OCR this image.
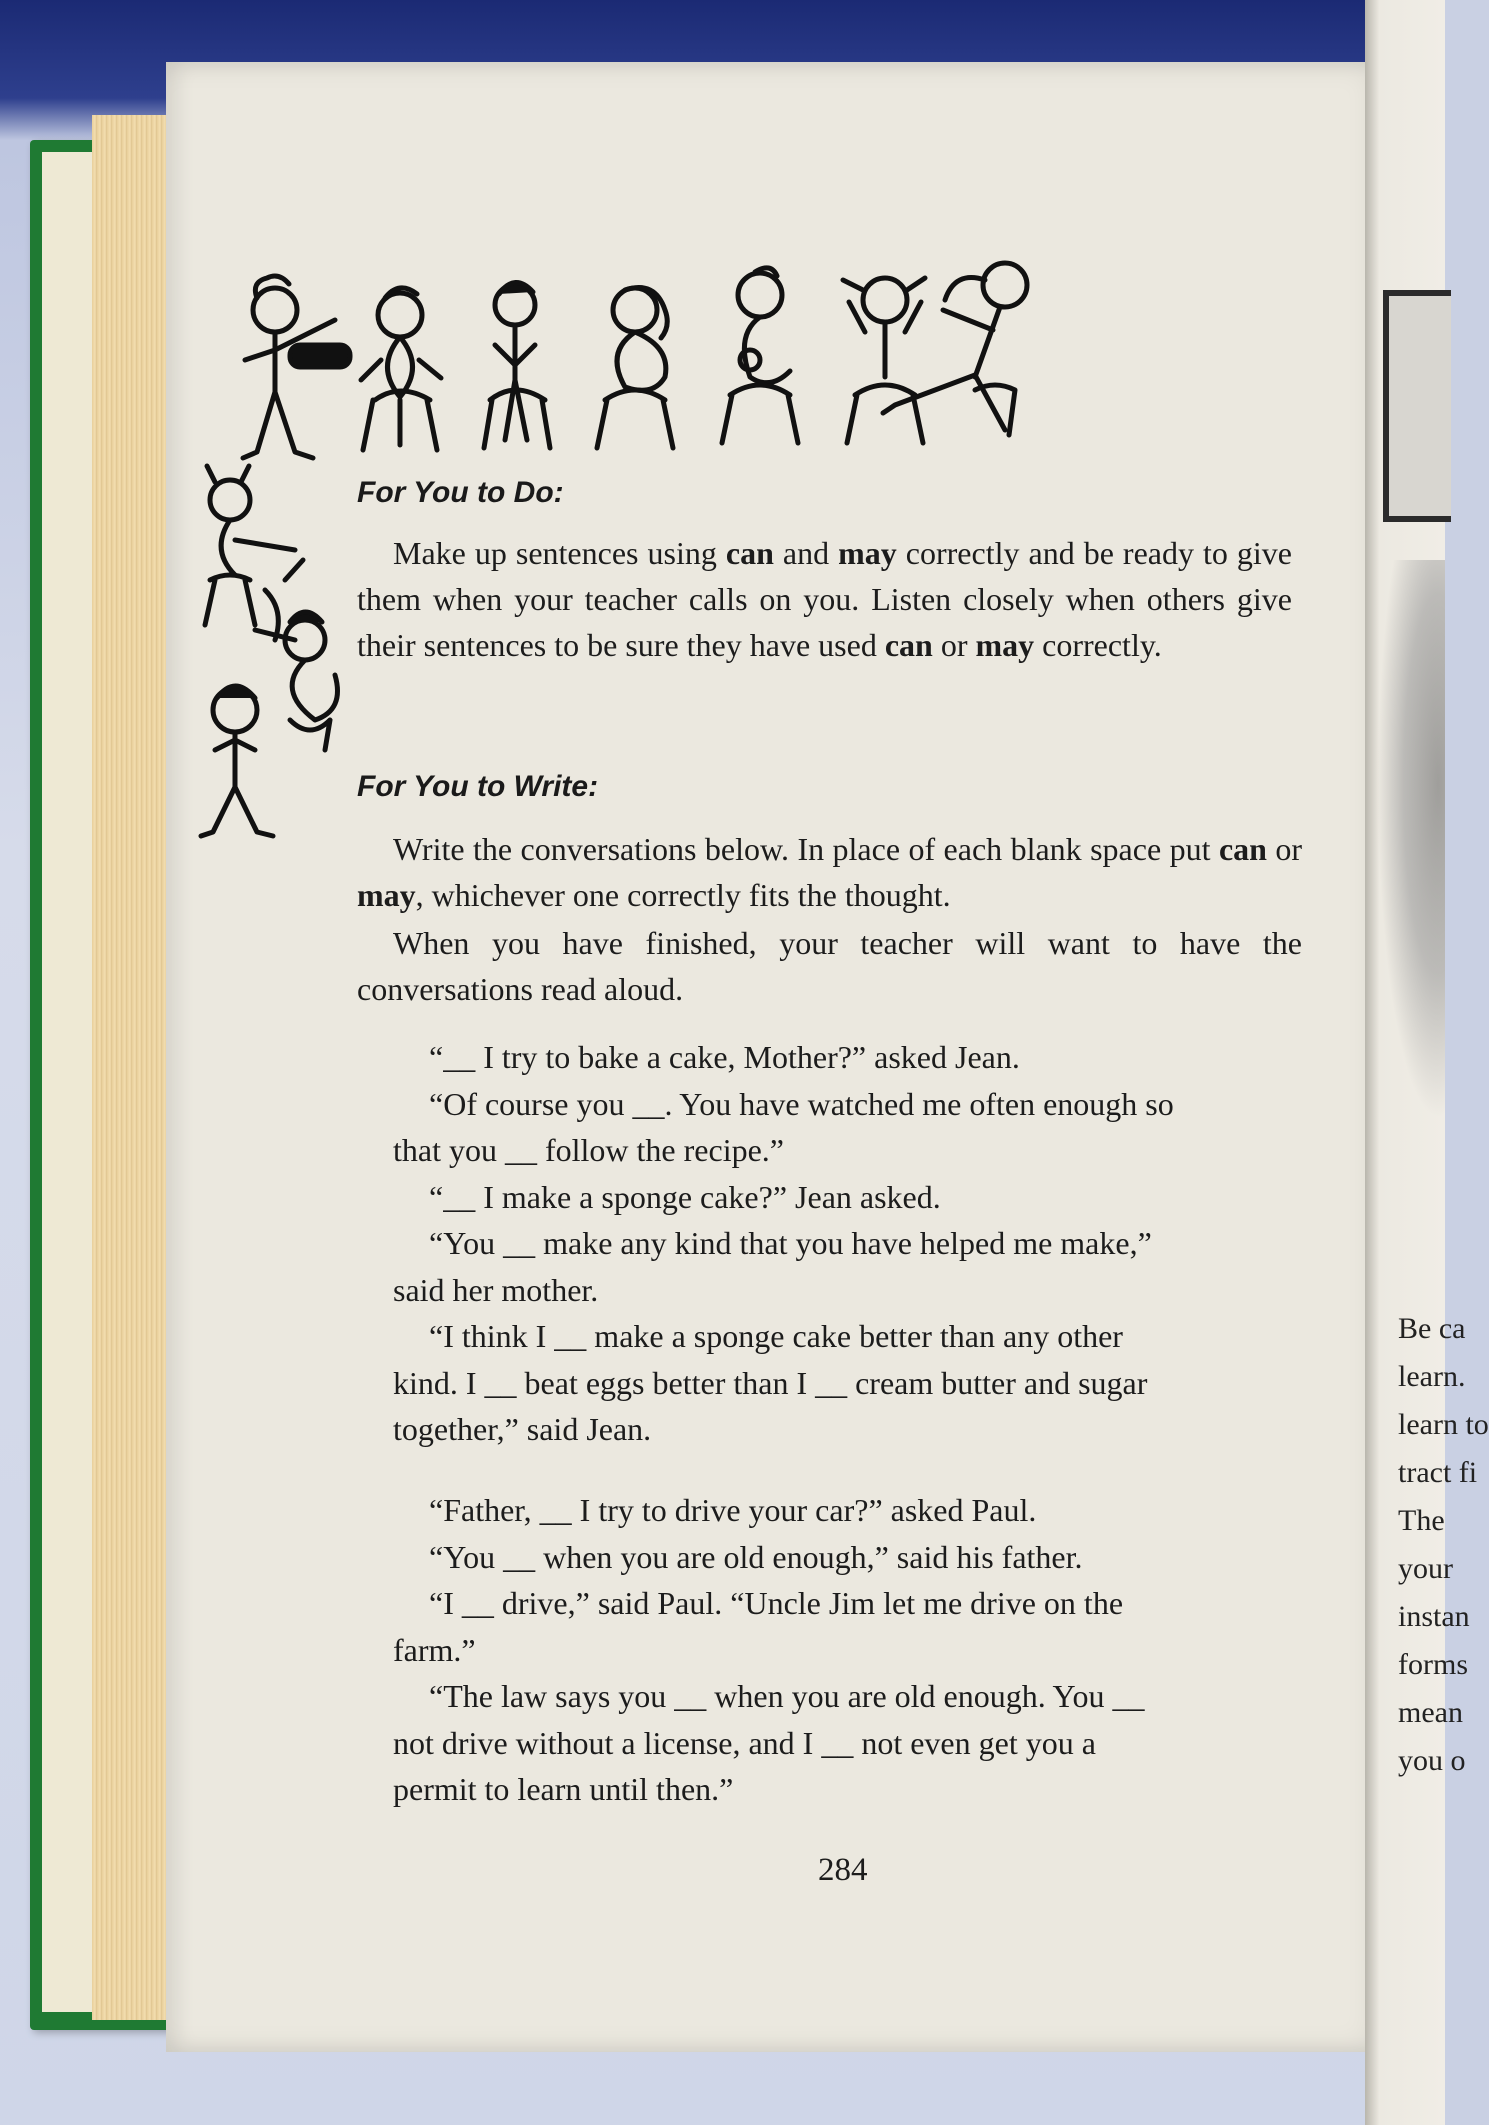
For You to Do:
Make up sentences using can and may correctly and be ready to give them when your teacher calls on you. Listen closely when others give their sentences to be sure they have used can or may correctly.
For You to Write:
Write the conversations below. In place of each blank space put can or may, whichever one correctly fits the thought.
When you have finished, your teacher will want to have the conversations read aloud.
“__ I try to bake a cake, Mother?” asked Jean.
“Of course you __. You have watched me often enough so
that you __ follow the recipe.”
“__ I make a sponge cake?” Jean asked.
“You __ make any kind that you have helped me make,”
said her mother.
“I think I __ make a sponge cake better than any other
kind. I __ beat eggs better than I __ cream butter and sugar
together,” said Jean.
“Father, __ I try to drive your car?” asked Paul.
“You __ when you are old enough,” said his father.
“I __ drive,” said Paul. “Uncle Jim let me drive on the
farm.”
“The law says you __ when you are old enough. You __
not drive without a license, and I __ not even get you a
permit to learn until then.”
284
Be ca
learn.
learn to
tract fi
The
your
instan
forms
mean
you o
